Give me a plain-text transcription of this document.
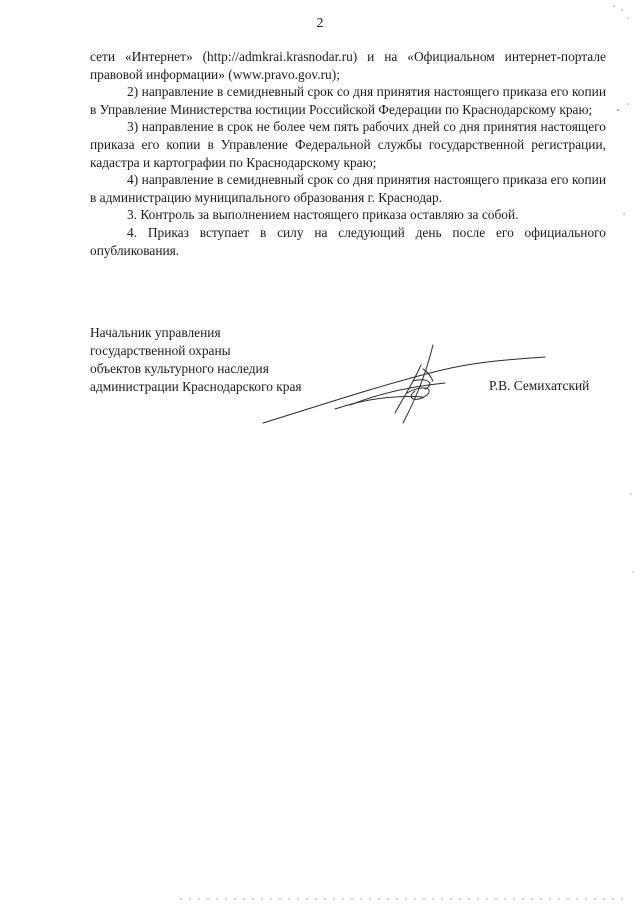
2

сети «Интернет» (http://admkrai.krasnodar.ru) и на «Официальном интернет-портале правовой информации» (www.pravo.gov.ru);

2) направление в семидневный срок со дня принятия настоящего приказа его копии в Управление Министерства юстиции Российской Федерации по Краснодарскому краю;

3) направление в срок не более чем пять рабочих дней со дня принятия настоящего приказа его копии в Управление Федеральной службы государственной регистрации, кадастра и картографии по Краснодарскому краю;

4) направление в семидневный срок со дня принятия настоящего приказа его копии в администрацию муниципального образования г. Краснодар.

3. Контроль за выполнением настоящего приказа оставляю за собой.

4. Приказ вступает в силу на следующий день после его официального опубликования.

Начальник управления

государственной охраны

объектов культурного наследия

администрации Краснодарского края	Р.В. Семихатский
